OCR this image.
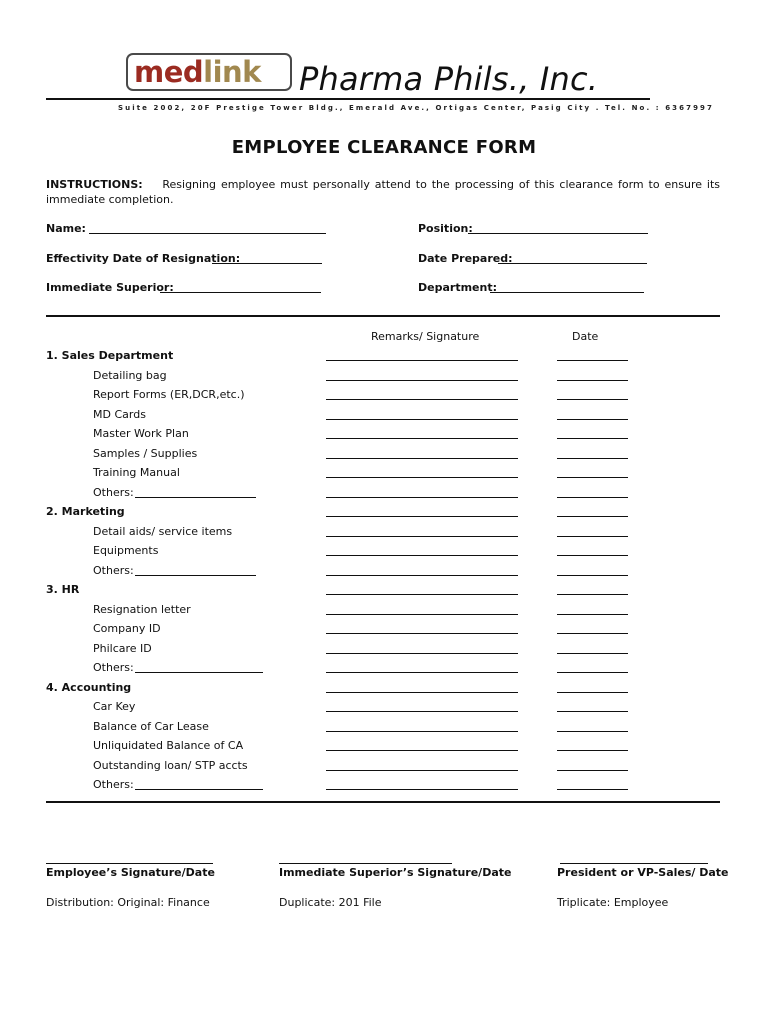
medlink Pharma Phils., Inc.
Suite 2002, 20F Prestige Tower Bldg., Emerald Ave., Ortigas Center, Pasig City . Tel. No. : 6367997
EMPLOYEE CLEARANCE FORM
INSTRUCTIONS: Resigning employee must personally attend to the processing of this clearance form to ensure its immediate completion.
Name:	Position:
Effectivity Date of Resignation:	Date Prepared:
Immediate Superior:	Department:
Remarks/ Signature	Date
1. Sales Department
Detailing bag
Report Forms (ER,DCR,etc.)
MD Cards
Master Work Plan
Samples / Supplies
Training Manual
Others:
2. Marketing
Detail aids/ service items
Equipments
Others:
3. HR
Resignation letter
Company ID
Philcare ID
Others:
4. Accounting
Car Key
Balance of Car Lease
Unliquidated Balance of CA
Outstanding loan/ STP accts
Others:
Employee’s Signature/Date	Immediate Superior’s Signature/Date	President or VP-Sales/ Date
Distribution: Original: Finance	Duplicate: 201 File	Triplicate: Employee
